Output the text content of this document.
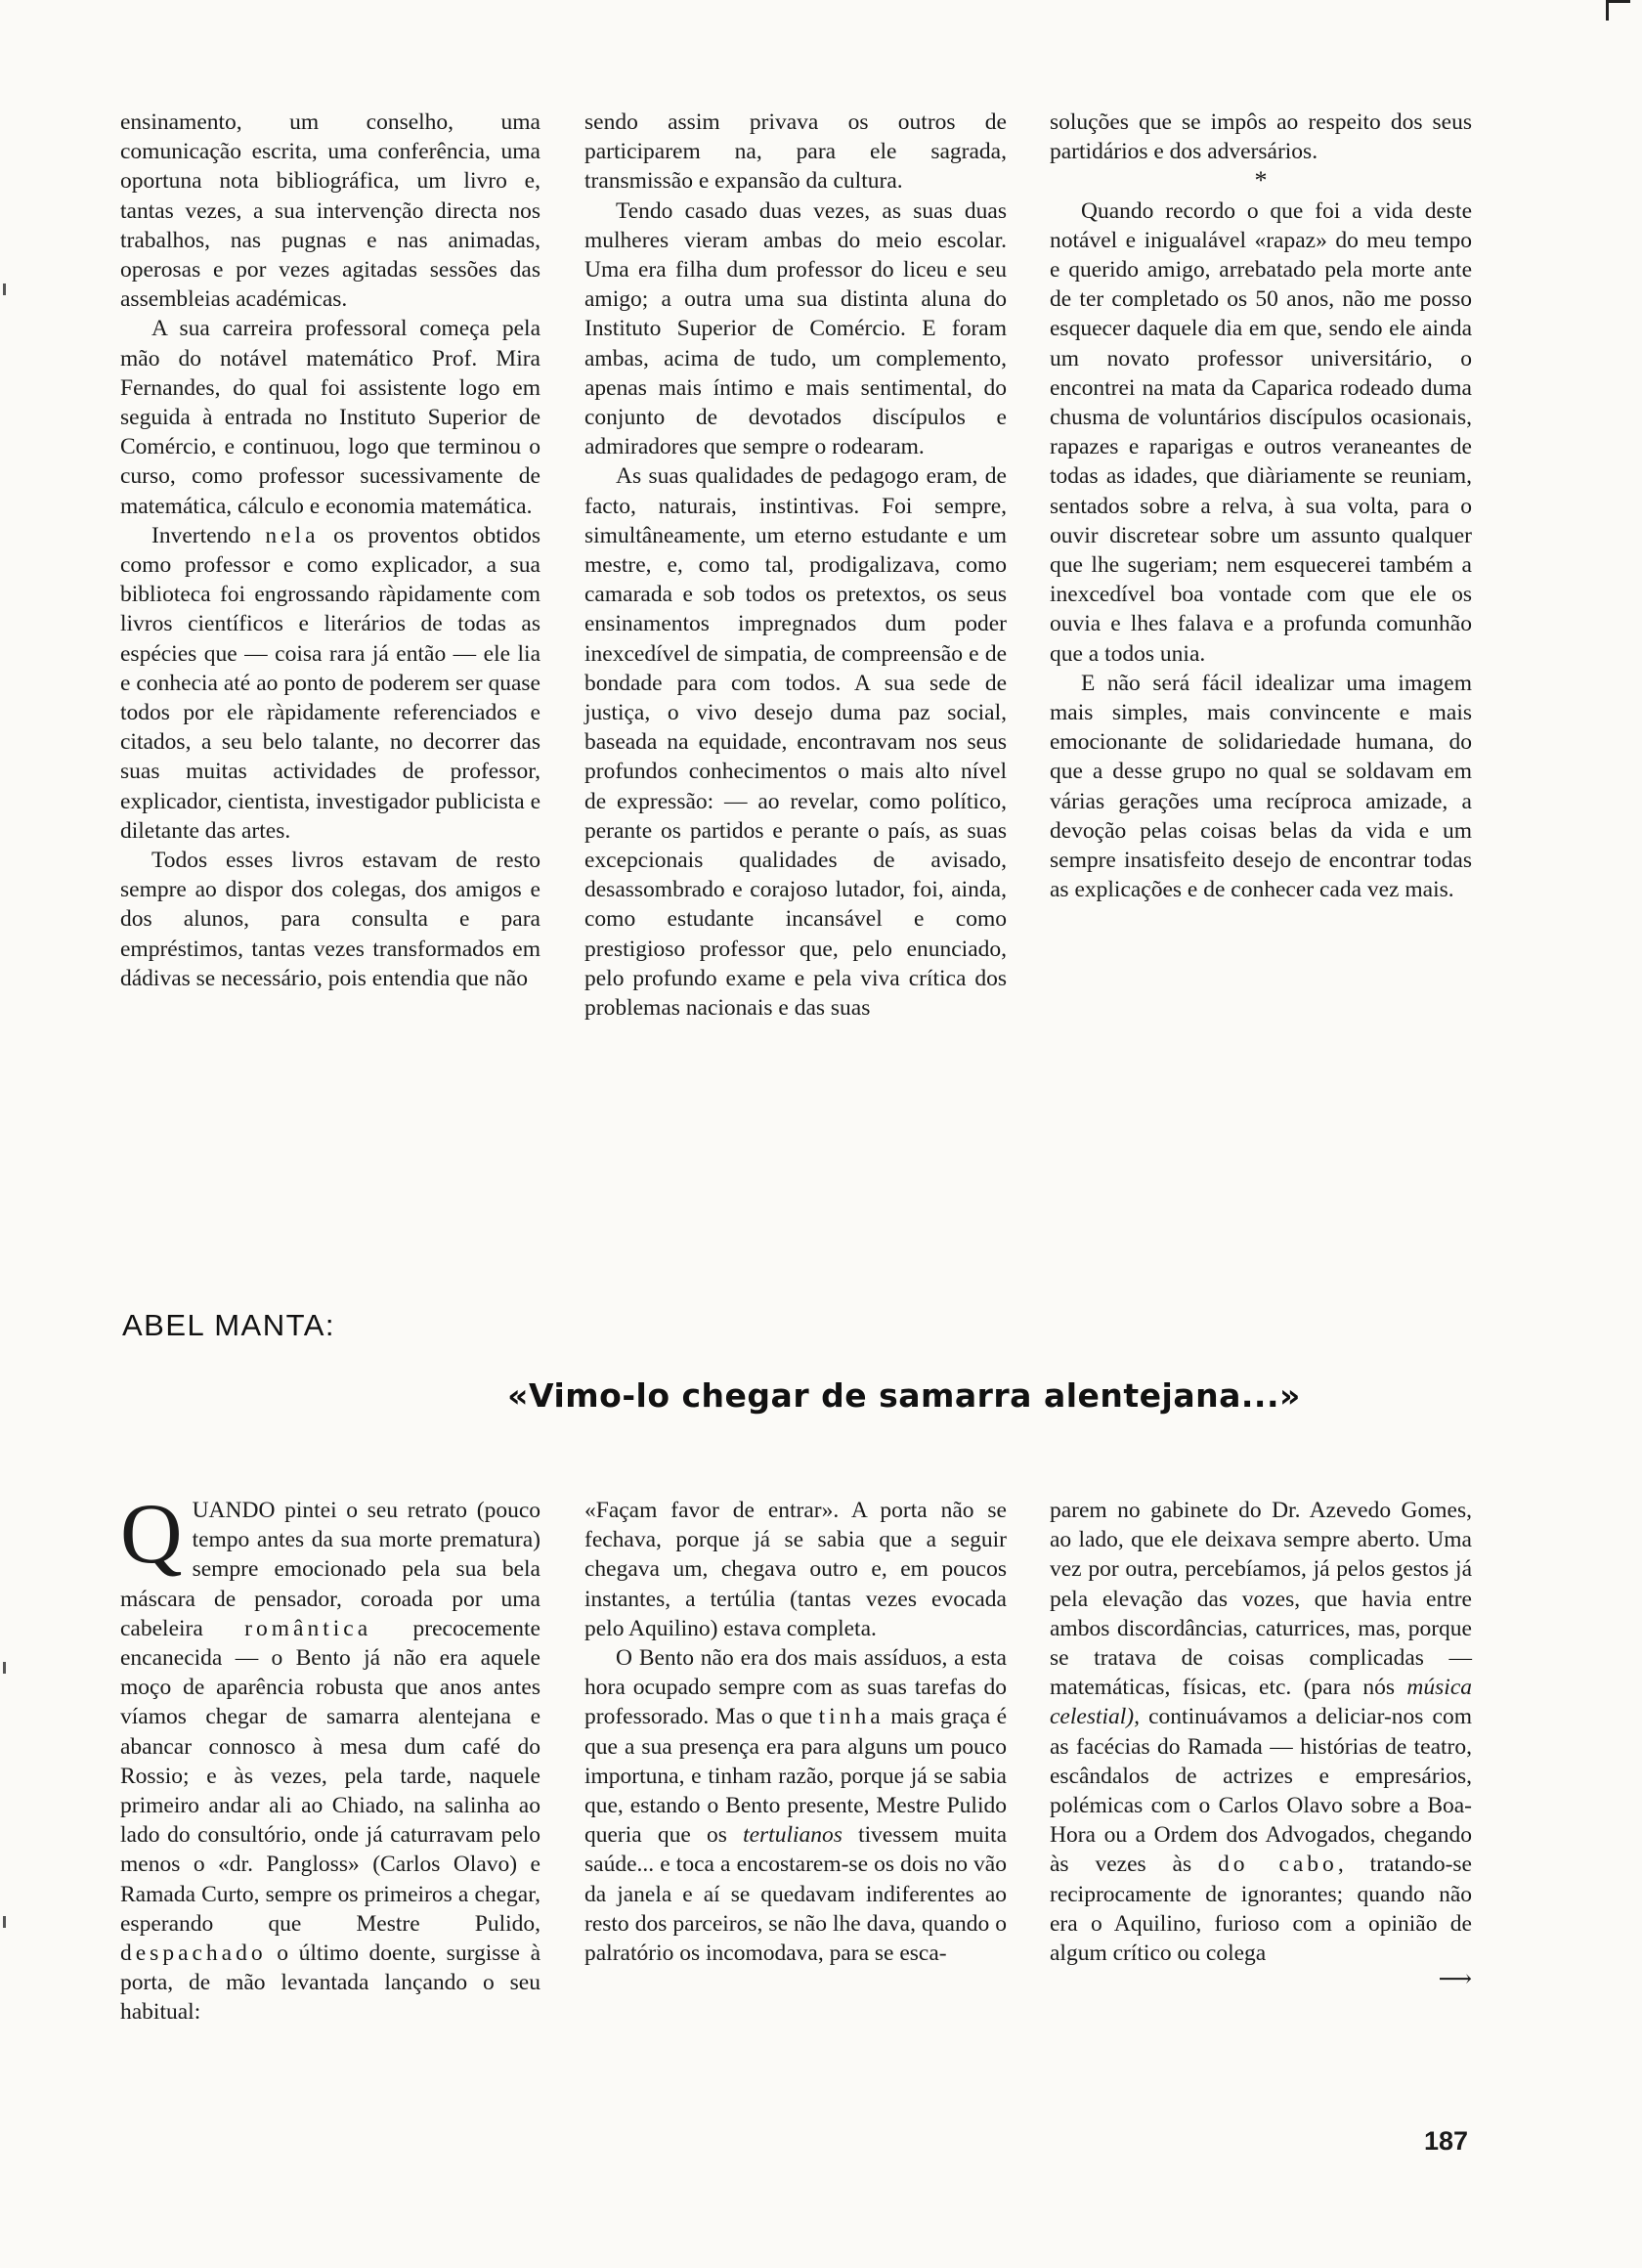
ensinamento, um conselho, uma comunicação escrita, uma conferência, uma oportuna nota bibliográfica, um livro e, tantas vezes, a sua intervenção directa nos trabalhos, nas pugnas e nas animadas, operosas e por vezes agitadas sessões das assembleias académicas.

A sua carreira professoral começa pela mão do notável matemático Prof. Mira Fernandes, do qual foi assistente logo em seguida à entrada no Instituto Superior de Comércio, e continuou, logo que terminou o curso, como professor sucessivamente de matemática, cálculo e economia matemática.

Invertendo nela os proventos obtidos como professor e como explicador, a sua biblioteca foi engrossando ràpidamente com livros científicos e literários de todas as espécies que — coisa rara já então — ele lia e conhecia até ao ponto de poderem ser quase todos por ele ràpidamente referenciados e citados, a seu belo talante, no decorrer das suas muitas actividades de professor, explicador, cientista, investigador publicista e diletante das artes.

Todos esses livros estavam de resto sempre ao dispor dos colegas, dos amigos e dos alunos, para consulta e para empréstimos, tantas vezes transformados em dádivas se necessário, pois entendia que não

sendo assim privava os outros de participarem na, para ele sagrada, transmissão e expansão da cultura.

Tendo casado duas vezes, as suas duas mulheres vieram ambas do meio escolar. Uma era filha dum professor do liceu e seu amigo; a outra uma sua distinta aluna do Instituto Superior de Comércio. E foram ambas, acima de tudo, um complemento, apenas mais íntimo e mais sentimental, do conjunto de devotados discípulos e admiradores que sempre o rodearam.

As suas qualidades de pedagogo eram, de facto, naturais, instintivas. Foi sempre, simultâneamente, um eterno estudante e um mestre, e, como tal, prodigalizava, como camarada e sob todos os pretextos, os seus ensinamentos impregnados dum poder inexcedível de simpatia, de compreensão e de bondade para com todos. A sua sede de justiça, o vivo desejo duma paz social, baseada na equidade, encontravam nos seus profundos conhecimentos o mais alto nível de expressão: — ao revelar, como político, perante os partidos e perante o país, as suas excepcionais qualidades de avisado, desassombrado e corajoso lutador, foi, ainda, como estudante incansável e como prestigioso professor que, pelo enunciado, pelo profundo exame e pela viva crítica dos problemas nacionais e das suas

soluções que se impôs ao respeito dos seus partidários e dos adversários.

*

Quando recordo o que foi a vida deste notável e inigualável «rapaz» do meu tempo e querido amigo, arrebatado pela morte ante de ter completado os 50 anos, não me posso esquecer daquele dia em que, sendo ele ainda um novato professor universitário, o encontrei na mata da Caparica rodeado duma chusma de voluntários discípulos ocasionais, rapazes e raparigas e outros veraneantes de todas as idades, que diàriamente se reuniam, sentados sobre a relva, à sua volta, para o ouvir discretear sobre um assunto qualquer que lhe sugeriam; nem esquecerei também a inexcedível boa vontade com que ele os ouvia e lhes falava e a profunda comunhão que a todos unia.

E não será fácil idealizar uma imagem mais simples, mais convincente e mais emocionante de solidariedade humana, do que a desse grupo no qual se soldavam em várias gerações uma recíproca amizade, a devoção pelas coisas belas da vida e um sempre insatisfeito desejo de encontrar todas as explicações e de conhecer cada vez mais.

ABEL MANTA:
«Vimo-lo chegar de samarra alentejana...»

QUANDO pintei o seu retrato (pouco tempo antes da sua morte prematura) sempre emocionado pela sua bela máscara de pensador, coroada por uma cabeleira romântica precocemente encanecida — o Bento já não era aquele moço de aparência robusta que anos antes víamos chegar de samarra alentejana e abancar connosco à mesa dum café do Rossio; e às vezes, pela tarde, naquele primeiro andar ali ao Chiado, na salinha ao lado do consultório, onde já caturravam pelo menos o «dr. Pangloss» (Carlos Olavo) e Ramada Curto, sempre os primeiros a chegar, esperando que Mestre Pulido, despachado o último doente, surgisse à porta, de mão levantada lançando o seu habitual:

«Façam favor de entrar». A porta não se fechava, porque já se sabia que a seguir chegava um, chegava outro e, em poucos instantes, a tertúlia (tantas vezes evocada pelo Aquilino) estava completa.

O Bento não era dos mais assíduos, a esta hora ocupado sempre com as suas tarefas do professorado. Mas o que tinha mais graça é que a sua presença era para alguns um pouco importuna, e tinham razão, porque já se sabia que, estando o Bento presente, Mestre Pulido queria que os tertulianos tivessem muita saúde... e toca a encostarem-se os dois no vão da janela e aí se quedavam indiferentes ao resto dos parceiros, se não lhe dava, quando o palratório os incomodava, para se esca-

parem no gabinete do Dr. Azevedo Gomes, ao lado, que ele deixava sempre aberto. Uma vez por outra, percebíamos, já pelos gestos já pela elevação das vozes, que havia entre ambos discordâncias, caturrices, mas, porque se tratava de coisas complicadas — matemáticas, físicas, etc. (para nós música celestial), continuávamos a deliciar-nos com as facécias do Ramada — histórias de teatro, escândalos de actrizes e empresários, polémicas com o Carlos Olavo sobre a Boa-Hora ou a Ordem dos Advogados, chegando às vezes às do cabo, tratando-se reciprocamente de ignorantes; quando não era o Aquilino, furioso com a opinião de algum crítico ou colega

⟶
187
